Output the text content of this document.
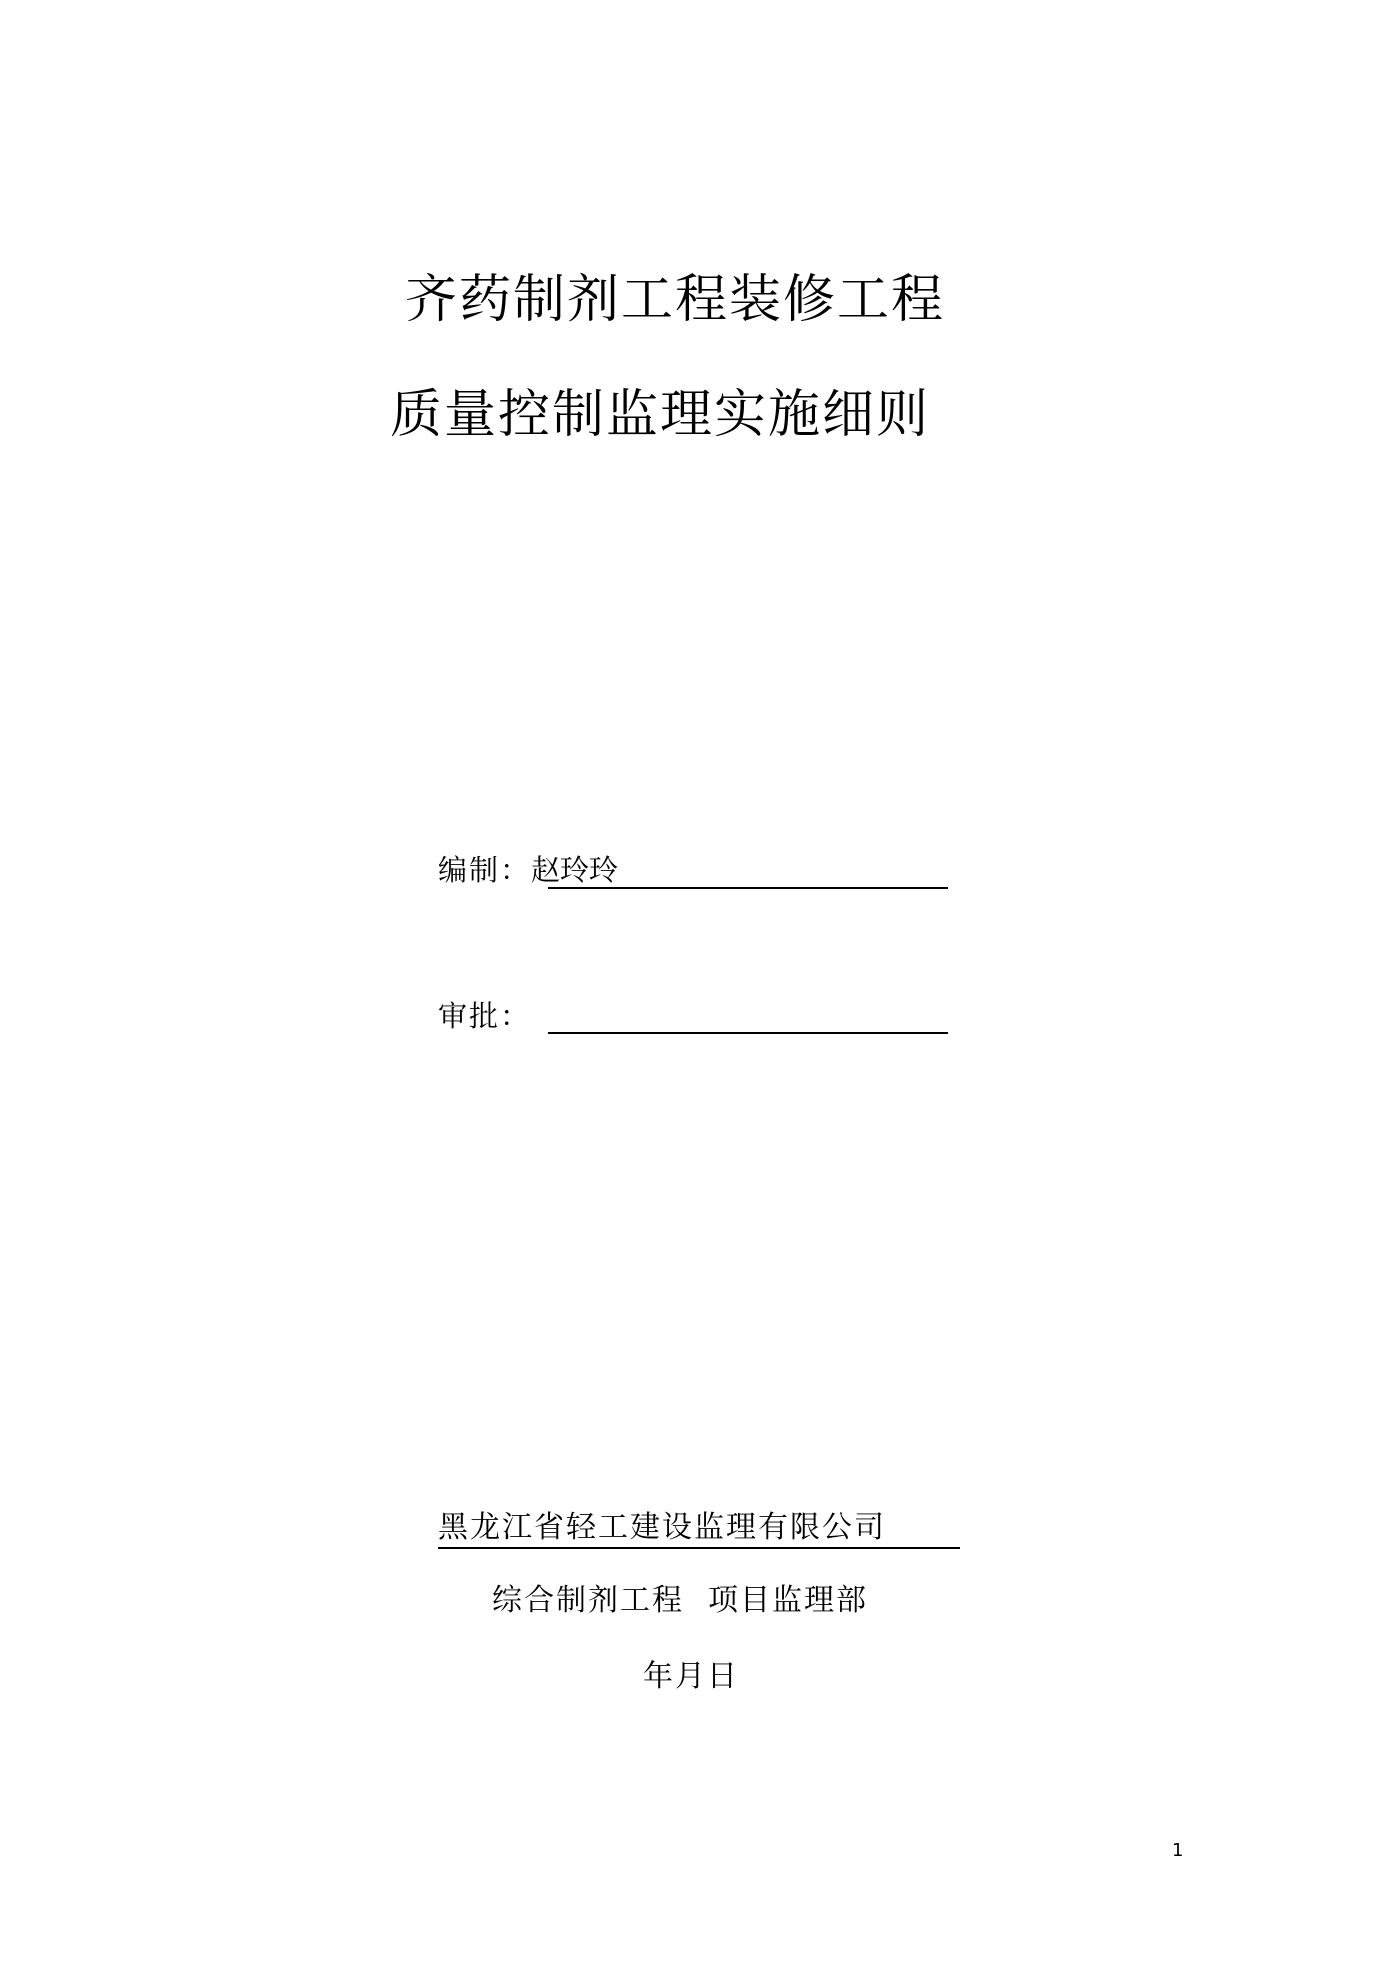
齐药制剂工程装修工程
质量控制监理实施细则
编制：赵玲玲
审批：
黑龙江省轻工建设监理有限公司
综合制剂工程 项目监理部
年月日
1
